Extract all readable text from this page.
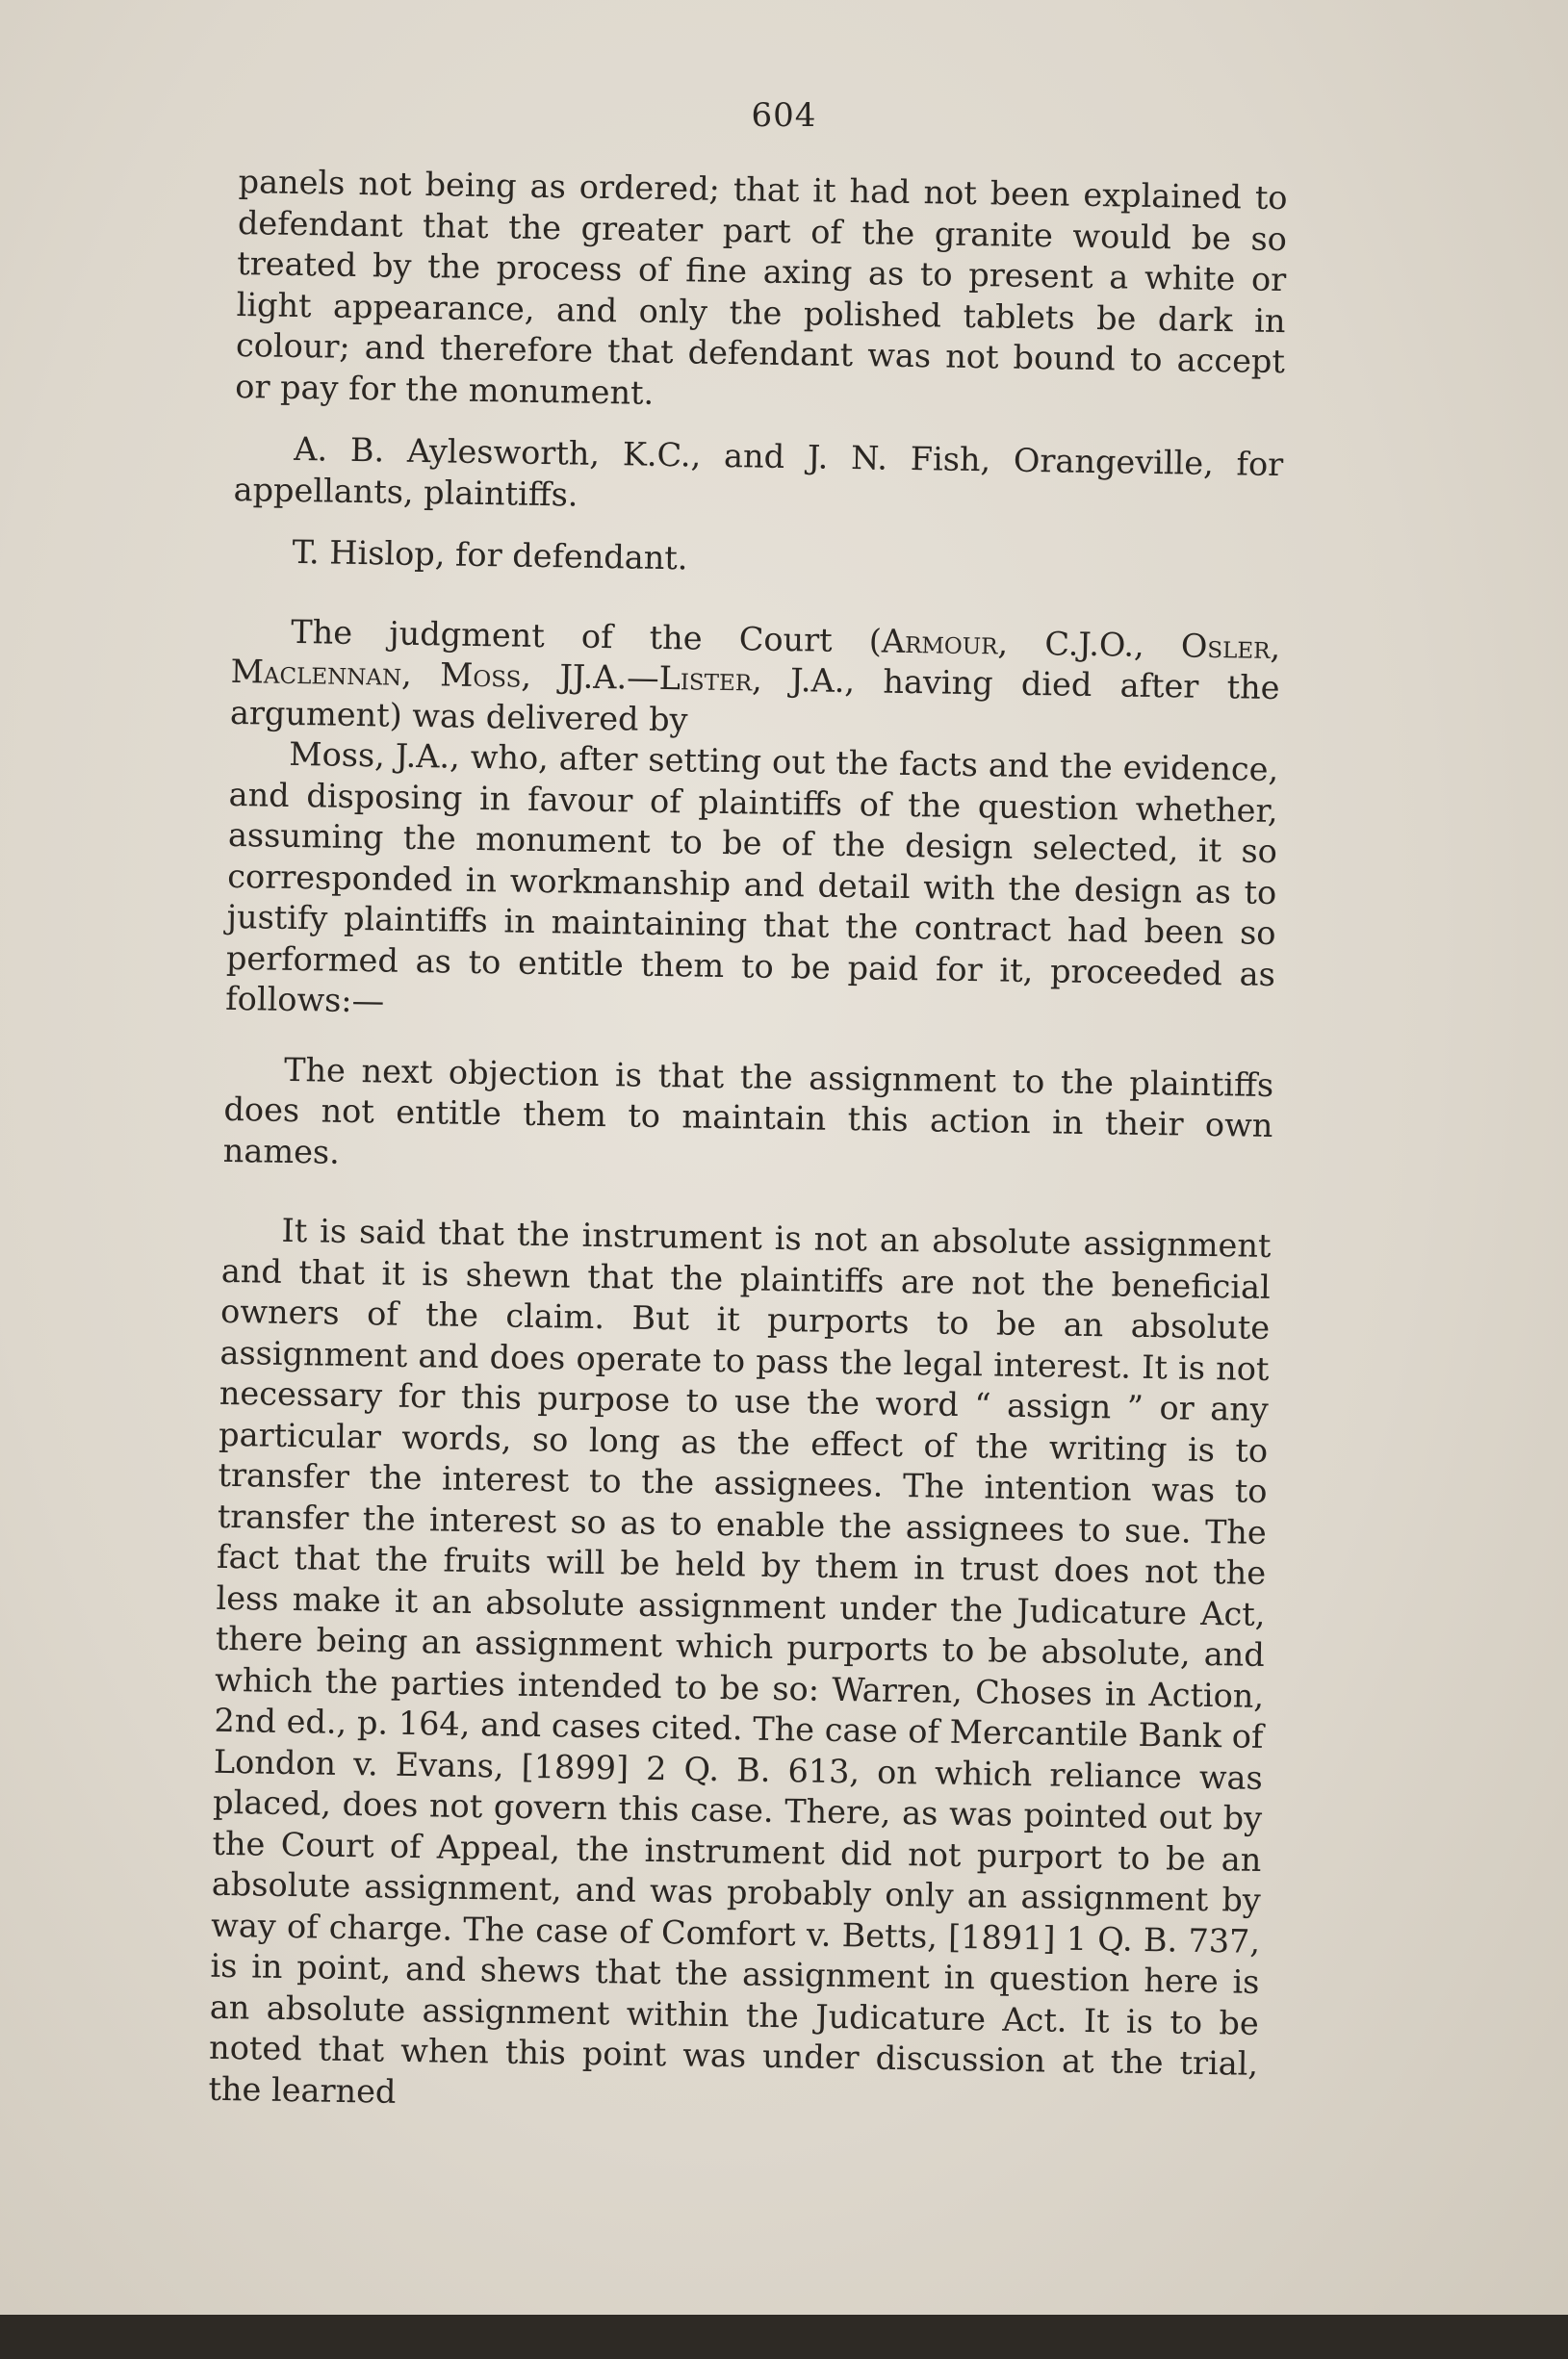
604

panels not being as ordered; that it had not been explained to defendant that the greater part of the granite would be so treated by the process of fine axing as to present a white or light appearance, and only the polished tablets be dark in colour; and therefore that defendant was not bound to accept or pay for the monument.

A. B. Aylesworth, K.C., and J. N. Fish, Orangeville, for appellants, plaintiffs.

T. Hislop, for defendant.

The judgment of the Court (Armour, C.J.O., Osler, Maclennan, Moss, JJ.A.—Lister, J.A., having died after the argument) was delivered by

Moss, J.A., who, after setting out the facts and the evidence, and disposing in favour of plaintiffs of the question whether, assuming the monument to be of the design selected, it so corresponded in workmanship and detail with the design as to justify plaintiffs in maintaining that the contract had been so performed as to entitle them to be paid for it, proceeded as follows:—

The next objection is that the assignment to the plaintiffs does not entitle them to maintain this action in their own names.

It is said that the instrument is not an absolute assignment and that it is shewn that the plaintiffs are not the beneficial owners of the claim. But it purports to be an absolute assignment and does operate to pass the legal interest. It is not necessary for this purpose to use the word “ assign ” or any particular words, so long as the effect of the writing is to transfer the interest to the assignees. The intention was to transfer the interest so as to enable the assignees to sue. The fact that the fruits will be held by them in trust does not the less make it an absolute assignment under the Judicature Act, there being an assignment which purports to be absolute, and which the parties intended to be so: Warren, Choses in Action, 2nd ed., p. 164, and cases cited. The case of Mercantile Bank of London v. Evans, [1899] 2 Q. B. 613, on which reliance was placed, does not govern this case. There, as was pointed out by the Court of Appeal, the instrument did not purport to be an absolute assignment, and was probably only an assignment by way of charge. The case of Comfort v. Betts, [1891] 1 Q. B. 737, is in point, and shews that the assignment in question here is an absolute assignment within the Judicature Act. It is to be noted that when this point was under discussion at the trial, the learned
